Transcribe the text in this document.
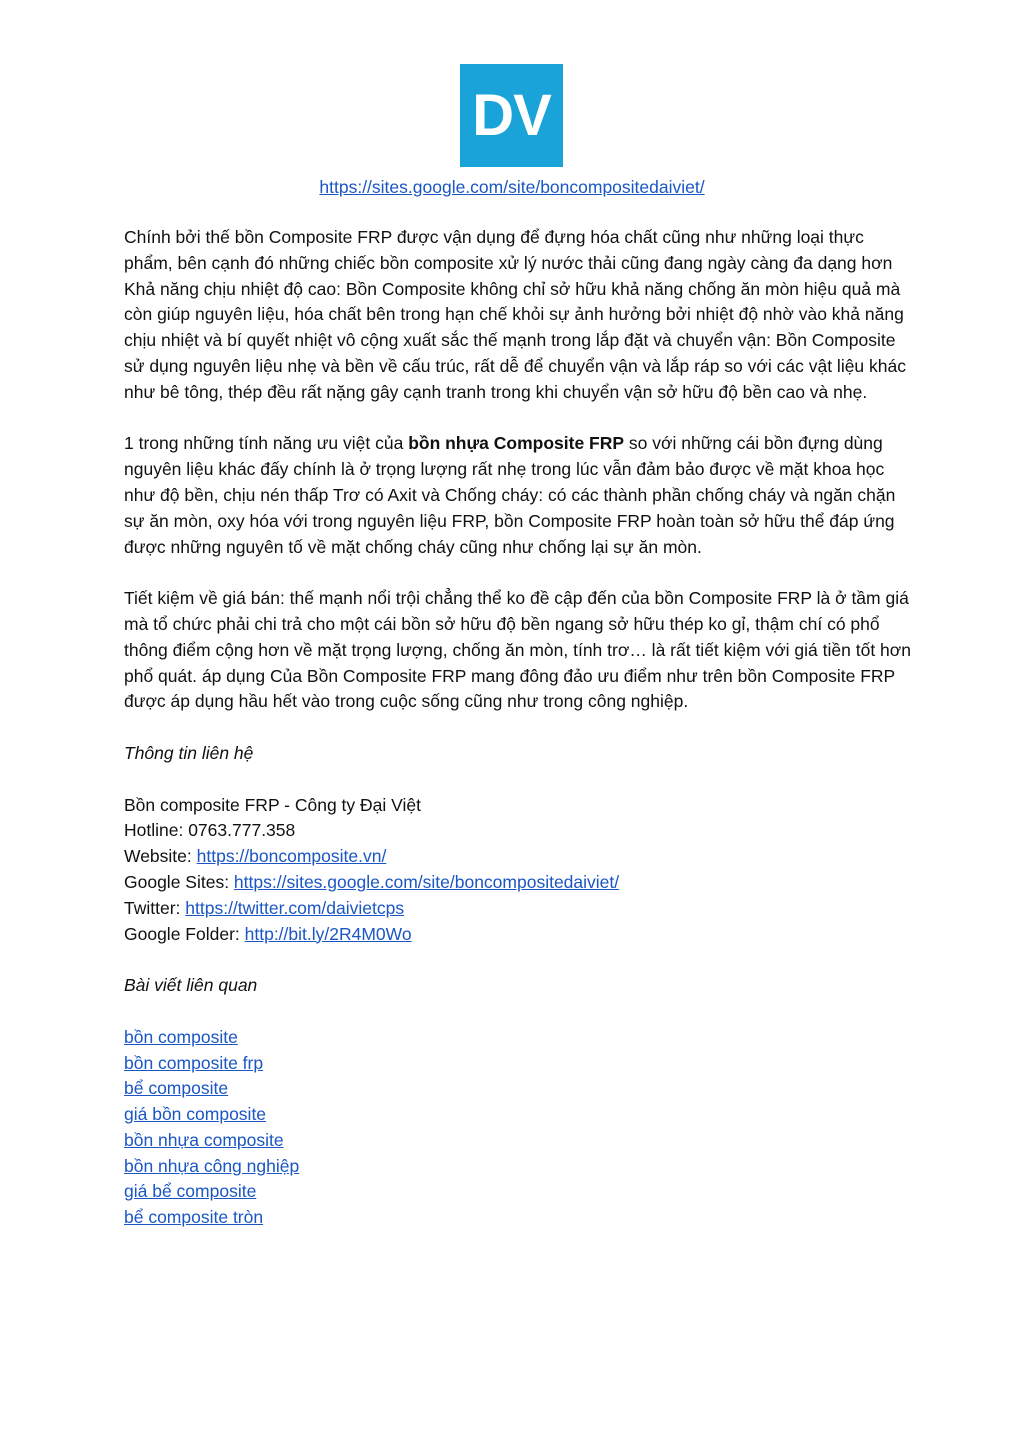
DV
https://sites.google.com/site/boncompositedaiviet/

Chính bởi thế bồn Composite FRP được vận dụng để đựng hóa chất cũng như những loại thực phẩm, bên cạnh đó những chiếc bồn composite xử lý nước thải cũng đang ngày càng đa dạng hơn Khả năng chịu nhiệt độ cao: Bồn Composite không chỉ sở hữu khả năng chống ăn mòn hiệu quả mà còn giúp nguyên liệu, hóa chất bên trong hạn chế khỏi sự ảnh hưởng bởi nhiệt độ nhờ vào khả năng chịu nhiệt và bí quyết nhiệt vô cộng xuất sắc thế mạnh trong lắp đặt và chuyển vận: Bồn Composite sử dụng nguyên liệu nhẹ và bền về cấu trúc, rất dễ để chuyển vận và lắp ráp so với các vật liệu khác như bê tông, thép đều rất nặng gây cạnh tranh trong khi chuyển vận sở hữu độ bền cao và nhẹ.

1 trong những tính năng ưu việt của bồn nhựa Composite FRP so với những cái bồn đựng dùng nguyên liệu khác đấy chính là ở trọng lượng rất nhẹ trong lúc vẫn đảm bảo được về mặt khoa học như độ bền, chịu nén thấp Trơ có Axit và Chống cháy: có các thành phần chống cháy và ngăn chặn sự ăn mòn, oxy hóa với trong nguyên liệu FRP, bồn Composite FRP hoàn toàn sở hữu thể đáp ứng được những nguyên tố về mặt chống cháy cũng như chống lại sự ăn mòn.

Tiết kiệm về giá bán: thế mạnh nổi trội chẳng thể ko đề cập đến của bồn Composite FRP là ở tầm giá mà tổ chức phải chi trả cho một cái bồn sở hữu độ bền ngang sở hữu thép ko gỉ, thậm chí có phổ thông điểm cộng hơn về mặt trọng lượng, chống ăn mòn, tính trơ… là rất tiết kiệm với giá tiền tốt hơn phổ quát. áp dụng Của Bồn Composite FRP mang đông đảo ưu điểm như trên bồn Composite FRP được áp dụng hầu hết vào trong cuộc sống cũng như trong công nghiệp.

Thông tin liên hệ

Bồn composite FRP - Công ty Đại Việt
Hotline: 0763.777.358
Website: https://boncomposite.vn/
Google Sites: https://sites.google.com/site/boncompositedaiviet/
Twitter: https://twitter.com/daivietcps
Google Folder: http://bit.ly/2R4M0Wo

Bài viết liên quan

bồn composite
bồn composite frp
bể composite
giá bồn composite
bồn nhựa composite
bồn nhựa công nghiệp
giá bể composite
bể composite tròn
